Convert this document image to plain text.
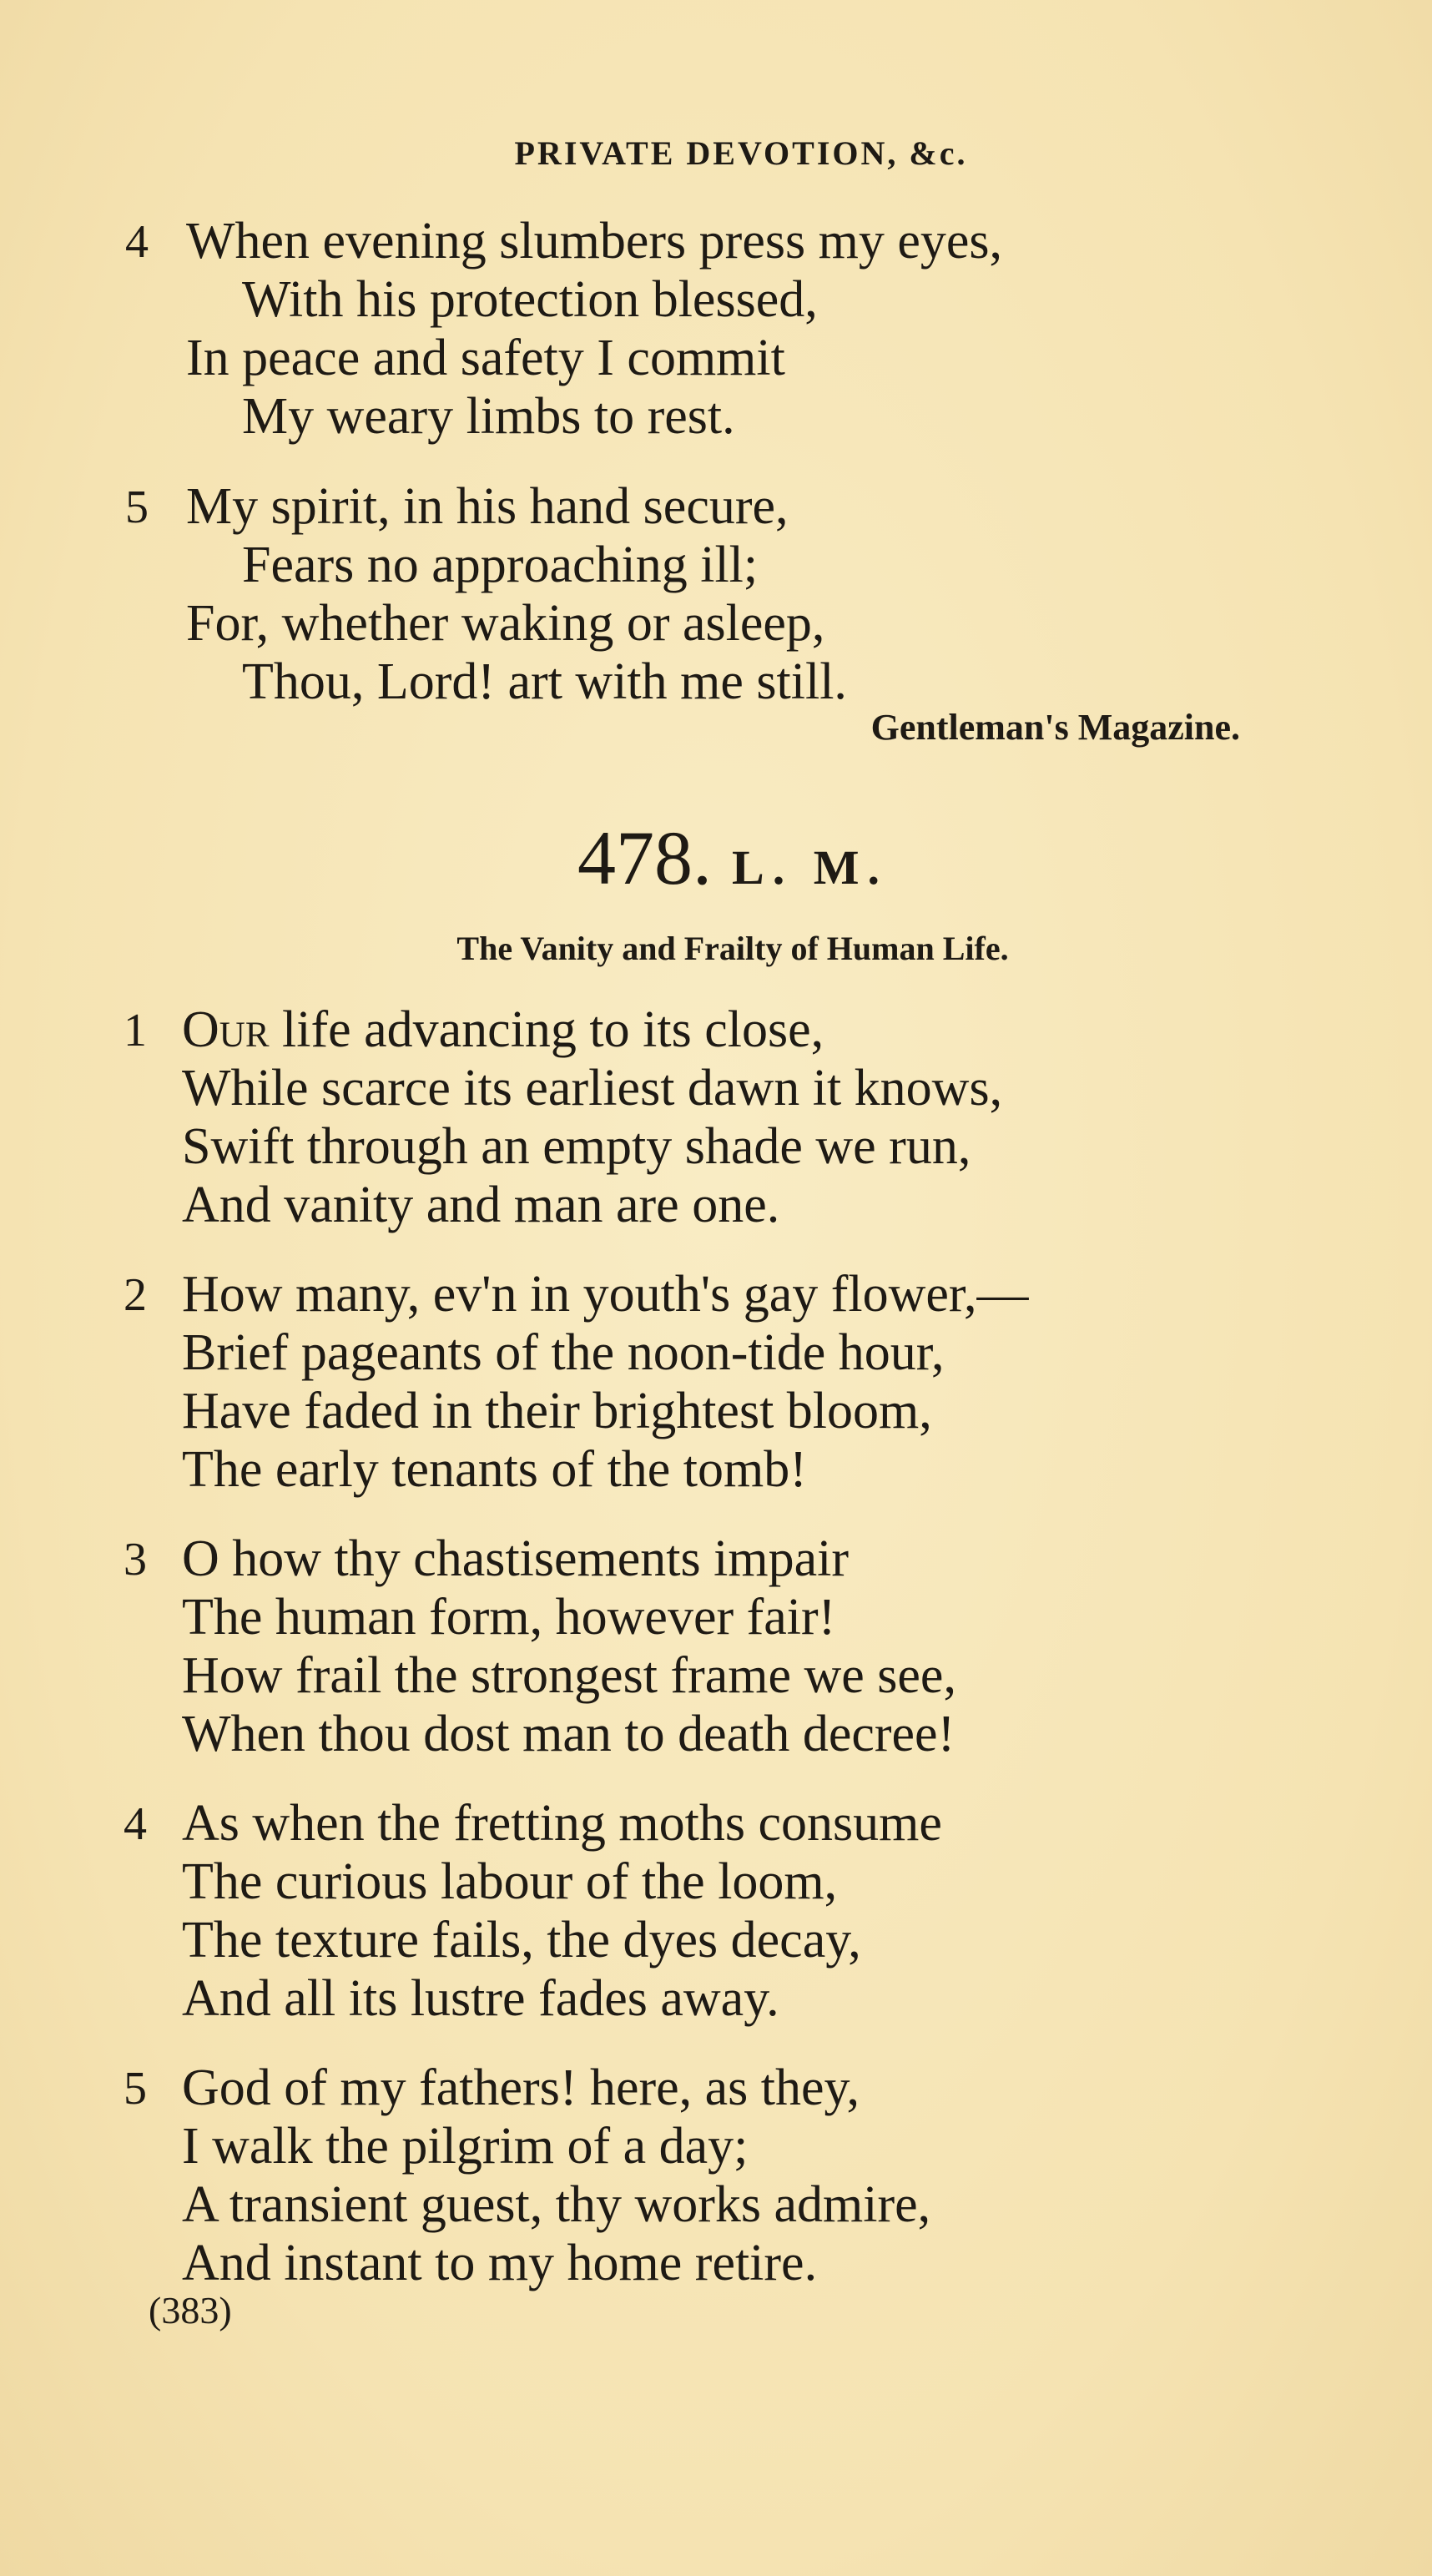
PRIVATE DEVOTION, &c.
4 When evening slumbers press my eyes,
With his protection blessed,
In peace and safety I commit
My weary limbs to rest.
5 My spirit, in his hand secure,
Fears no approaching ill;
For, whether waking or asleep,
Thou, Lord! art with me still.
Gentleman's Magazine.
478. L. M.
The Vanity and Frailty of Human Life.
1 Our life advancing to its close,
While scarce its earliest dawn it knows,
Swift through an empty shade we run,
And vanity and man are one.
2 How many, ev'n in youth's gay flower,—
Brief pageants of the noon-tide hour,
Have faded in their brightest bloom,
The early tenants of the tomb!
3 O how thy chastisements impair
The human form, however fair!
How frail the strongest frame we see,
When thou dost man to death decree!
4 As when the fretting moths consume
The curious labour of the loom,
The texture fails, the dyes decay,
And all its lustre fades away.
5 God of my fathers! here, as they,
I walk the pilgrim of a day;
A transient guest, thy works admire,
And instant to my home retire.
(383)
